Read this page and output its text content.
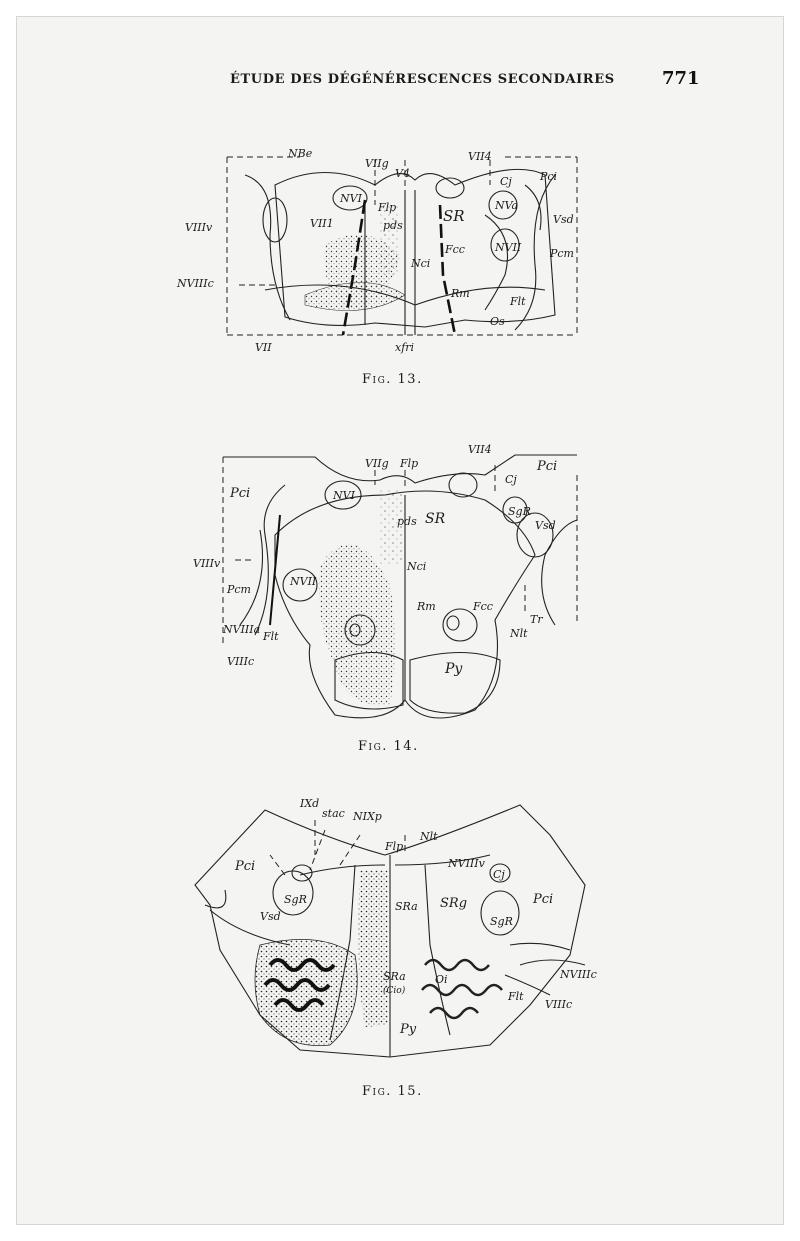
ÉTUDE DES DÉGÉNÉRESCENCES SECONDAIRES	771
NBe
VIIg
V4
VII4
Cj	Pci
NVI
Flp	SR
NVa
Vsd
VIIIv	VII1	pds
Fcc	NVII	Pcm
NVIIIc
Nci
Rm
Flt
Os
VII	xfri
Fig. 13.
VIIg Flp
VII4
Pci
Cj
Pci	NVI
pds SR	SgR
Vsd
VIIIv
NVII
Nci
Pcm
Rm	Fcc
Tr
NVIIIa
Flt	Nlt
VIIIc	Py
Fig. 14.
IXd
stac NIXp
Flp
Nlt
Pci	NVIIIv
Cj
Pci
SgR
Vsd
SRa SRg
SgR
SRa
(Cio)
Oi	NVIIIc
Flt
VIIIc
Py
Fig. 15.
